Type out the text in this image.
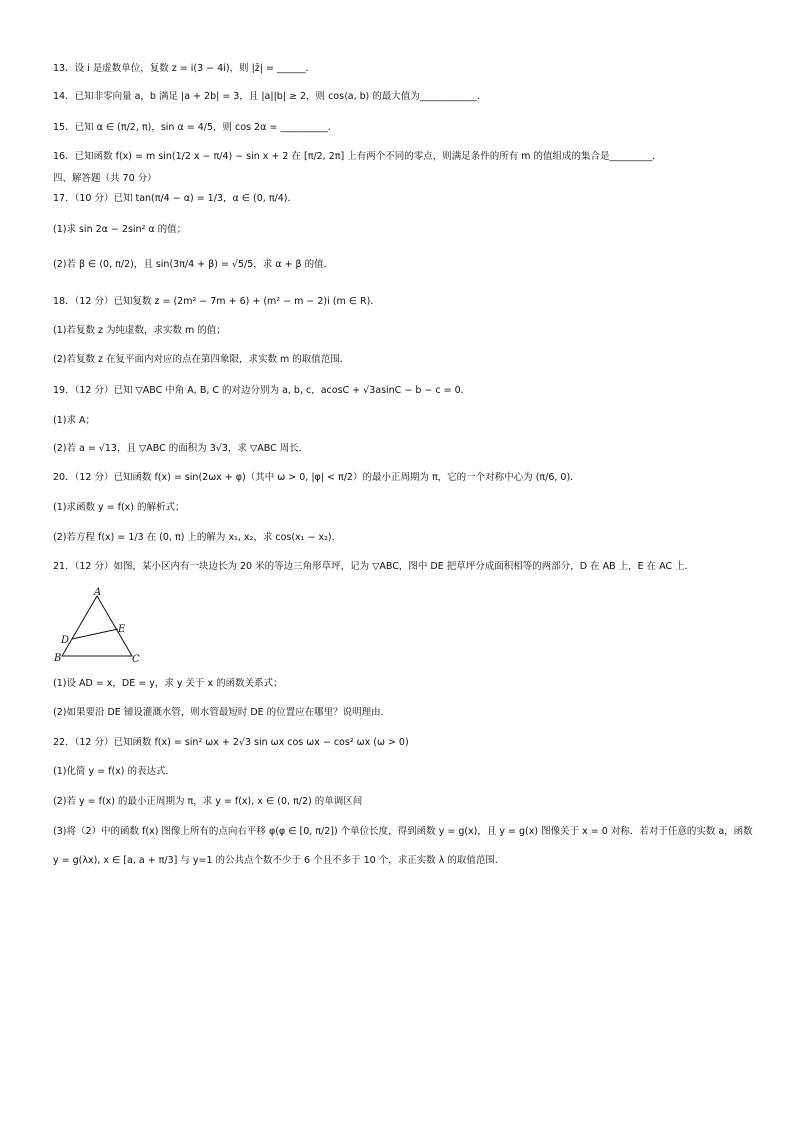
13．设 i 是虚数单位，复数 z = i(3 − 4i)，则 |z̄| = ______．
14．已知非零向量 a，b 满足 |a + 2b| = 3，且 |a||b| ≥ 2，则 cos⟨a, b⟩ 的最大值为____________．
15．已知 α ∈ (π/2, π)，sin α = 4/5，则 cos 2α = __________．
16．已知函数 f(x) = m sin(1/2 x − π/4) − sin x + 2 在 [π/2, 2π] 上有两个不同的零点，则满足条件的所有 m 的值组成的集合是_________．
四、解答题（共 70 分）
17．（10 分）已知 tan(π/4 − α) = 1/3，α ∈ (0, π/4)．
(1)求 sin 2α − 2sin² α 的值；
(2)若 β ∈ (0, π/2)，且 sin(3π/4 + β) = √5/5，求 α + β 的值．
18．（12 分）已知复数 z = (2m² − 7m + 6) + (m² − m − 2)i (m ∈ R)．
(1)若复数 z 为纯虚数，求实数 m 的值；
(2)若复数 z 在复平面内对应的点在第四象限，求实数 m 的取值范围．
19．（12 分）已知 ▽ABC 中角 A, B, C 的对边分别为 a, b, c，acosC + √3asinC − b − c = 0．
(1)求 A；
(2)若 a = √13，且 ▽ABC 的面积为 3√3，求 ▽ABC 周长．
20．（12 分）已知函数 f(x) = sin(2ωx + φ)（其中 ω > 0, |φ| < π/2）的最小正周期为 π，它的一个对称中心为 (π/6, 0)．
(1)求函数 y = f(x) 的解析式；
(2)若方程 f(x) = 1/3 在 (0, π) 上的解为 x₁, x₂，求 cos(x₁ − x₂)．
21．（12 分）如图，某小区内有一块边长为 20 米的等边三角形草坪，记为 ▽ABC，图中 DE 把草坪分成面积相等的两部分，D 在 AB 上，E 在 AC 上．
A
B	C
D
E
(1)设 AD = x，DE = y，求 y 关于 x 的函数关系式；
(2)如果要沿 DE 铺设灌溉水管，则水管最短时 DE 的位置应在哪里？说明理由．
22．（12 分）已知函数 f(x) = sin² ωx + 2√3 sin ωx cos ωx − cos² ωx (ω > 0)
(1)化简 y = f(x) 的表达式．
(2)若 y = f(x) 的最小正周期为 π，求 y = f(x), x ∈ (0, π/2) 的单调区间
(3)将（2）中的函数 f(x) 图像上所有的点向右平移 φ(φ ∈ [0, π/2]) 个单位长度，得到函数 y = g(x)，且 y = g(x) 图像关于 x = 0 对称．若对于任意的实数 a，函数
y = g(λx), x ∈ [a, a + π/3] 与 y=1 的公共点个数不少于 6 个且不多于 10 个，求正实数 λ 的取值范围．
